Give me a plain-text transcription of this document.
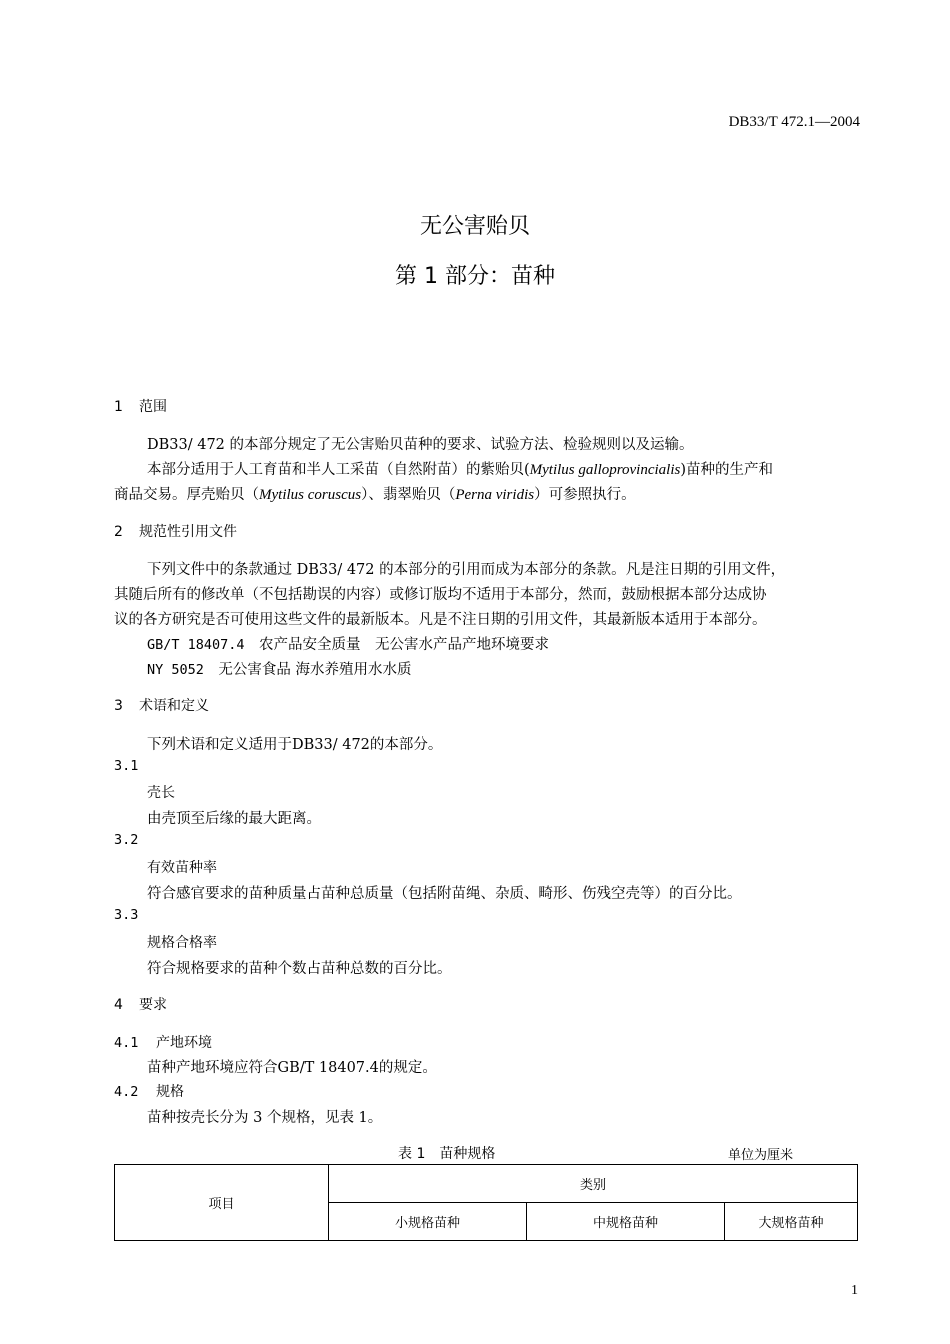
DB33/T 472.1—2004
无公害贻贝
第 1 部分：苗种
1 范围
DB33/ 472 的本部分规定了无公害贻贝苗种的要求、试验方法、检验规则以及运输。
本部分适用于人工育苗和半人工采苗（自然附苗）的紫贻贝(Mytilus galloprovincialis)苗种的生产和
商品交易。厚壳贻贝（Mytilus coruscus）、翡翠贻贝（Perna viridis）可参照执行。
2 规范性引用文件
下列文件中的条款通过 DB33/ 472 的本部分的引用而成为本部分的条款。凡是注日期的引用文件，
其随后所有的修改单（不包括勘误的内容）或修订版均不适用于本部分，然而，鼓励根据本部分达成协
议的各方研究是否可使用这些文件的最新版本。凡是不注日期的引用文件，其最新版本适用于本部分。
GB/T 18407.4　 农产品安全质量　无公害水产品产地环境要求
NY 5052　 无公害食品 海水养殖用水水质
3 术语和定义
下列术语和定义适用于DB33/ 472的本部分。
3.1
壳长
由壳顶至后缘的最大距离。
3.2
有效苗种率
符合感官要求的苗种质量占苗种总质量（包括附苗绳、杂质、畸形、伤残空壳等）的百分比。
3.3
规格合格率
符合规格要求的苗种个数占苗种总数的百分比。
4 要求
4.1 产地环境
苗种产地环境应符合GB/T 18407.4的规定。
4.2 规格
苗种按壳长分为 3 个规格，见表 1。
表 1　苗种规格	单位为厘米
项目	类别		
	小规格苗种	中规格苗种	大规格苗种
1
